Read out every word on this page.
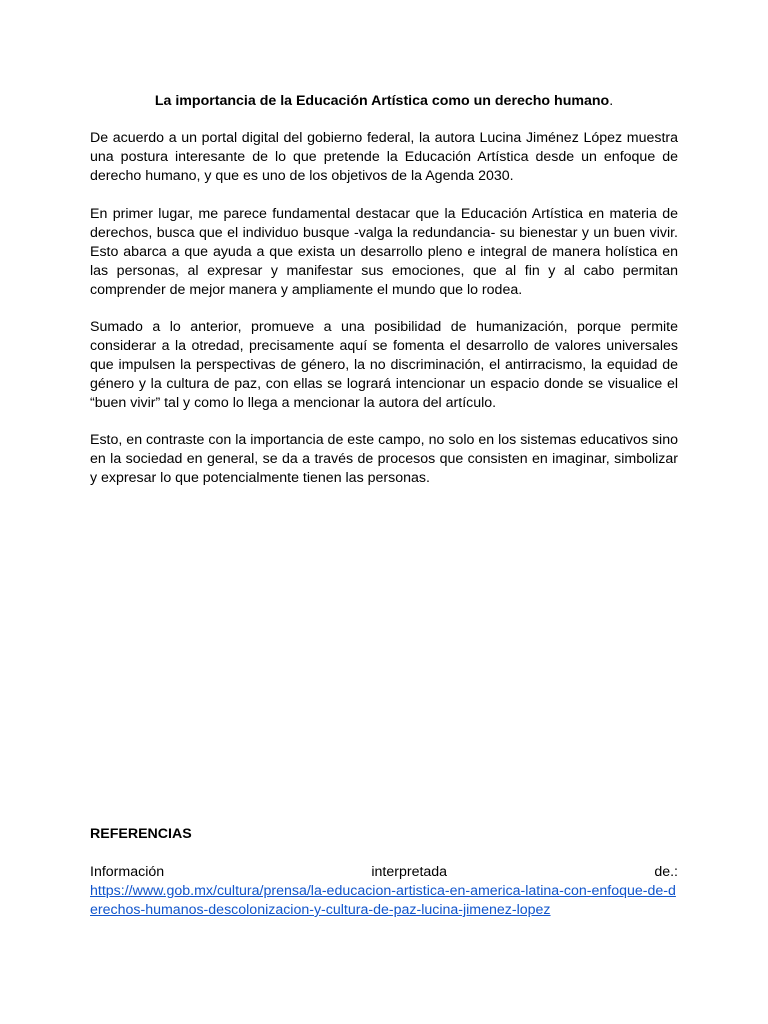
La importancia de la Educación Artística como un derecho humano.

De acuerdo a un portal digital del gobierno federal, la autora Lucina Jiménez López muestra una postura interesante de lo que pretende la Educación Artística desde un enfoque de derecho humano, y que es uno de los objetivos de la Agenda 2030.

En primer lugar, me parece fundamental destacar que la Educación Artística en materia de derechos, busca que el individuo busque -valga la redundancia- su bienestar y un buen vivir. Esto abarca a que ayuda a que exista un desarrollo pleno e integral de manera holística en las personas, al expresar y manifestar sus emociones, que al fin y al cabo permitan comprender de mejor manera y ampliamente el mundo que lo rodea.

Sumado a lo anterior, promueve a una posibilidad de humanización, porque permite considerar a la otredad, precisamente aquí se fomenta el desarrollo de valores universales que impulsen la perspectivas de género, la no discriminación, el antirracismo, la equidad de género y la cultura de paz, con ellas se logrará intencionar un espacio donde se visualice el “buen vivir” tal y como lo llega a mencionar la autora del artículo.

Esto, en contraste con la importancia de este campo, no solo en los sistemas educativos sino en la sociedad en general, se da a través de procesos que consisten en imaginar, simbolizar y expresar lo que potencialmente tienen las personas.

REFERENCIAS
Información	interpretada	de.:
https://www.gob.mx/cultura/prensa/la-educacion-artistica-en-america-latina-con-enfoque-de-derechos-humanos-descolonizacion-y-cultura-de-paz-lucina-jimenez-lopez
